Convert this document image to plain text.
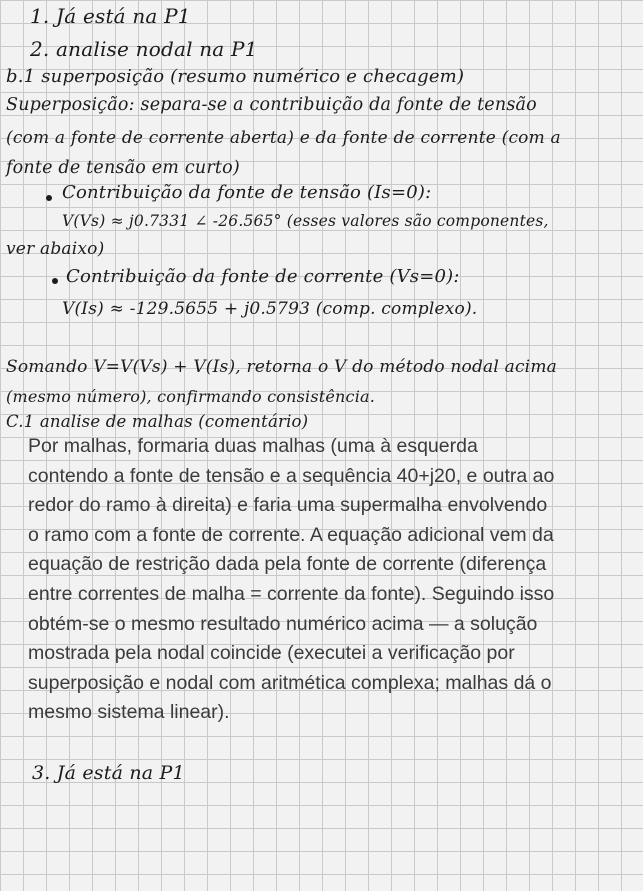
1. Já está na P1

2. analise nodal na P1

b.1 superposição (resumo numérico e checagem)

Superposição: separa-se a contribuição da fonte de tensão

(com a fonte de corrente aberta) e da fonte de corrente (com a

fonte de tensão em curto)

Contribuição da fonte de tensão (Is=0):

V(Vs) ≈ j0.7331 ∠ -26.565° (esses valores são componentes,

ver abaixo)

Contribuição da fonte de corrente (Vs=0):

V(Is) ≈ -129.5655 + j0.5793 (comp. complexo).

Somando V=V(Vs) + V(Is), retorna o V do método nodal acima

(mesmo número), confirmando consistência.

C.1 analise de malhas (comentário)

Por malhas, formaria duas malhas (uma à esquerda
contendo a fonte de tensão e a sequência 40+j20, e outra ao
redor do ramo à direita) e faria uma supermalha envolvendo
o ramo com a fonte de corrente. A equação adicional vem da
equação de restrição dada pela fonte de corrente (diferença
entre correntes de malha = corrente da fonte). Seguindo isso
obtém-se o mesmo resultado numérico acima — a solução
mostrada pela nodal coincide (executei a verificação por
superposição e nodal com aritmética complexa; malhas dá o
mesmo sistema linear).

3. Já está na P1
